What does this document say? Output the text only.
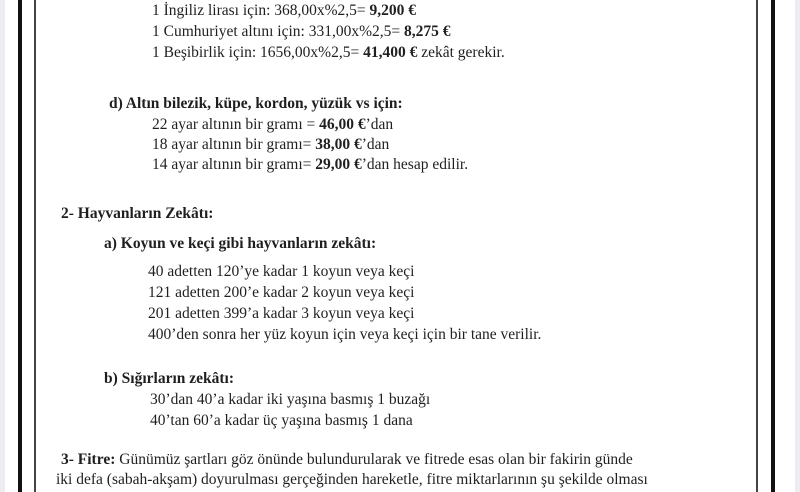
1 İngiliz lirası için: 368,00x%2,5= 9,200 €
1 Cumhuriyet altını için: 331,00x%2,5= 8,275 €
1 Beşibirlik için: 1656,00x%2,5= 41,400 € zekât gerekir.
d) Altın bilezik, küpe, kordon, yüzük vs için:
22 ayar altının bir gramı = 46,00 €’dan
18 ayar altının bir gramı= 38,00 €’dan
14 ayar altının bir gramı= 29,00 €’dan hesap edilir.
2- Hayvanların Zekâtı:
a) Koyun ve keçi gibi hayvanların zekâtı:
40 adetten 120’ye kadar 1 koyun veya keçi
121 adetten 200’e kadar 2 koyun veya keçi
201 adetten 399’a kadar 3 koyun veya keçi
400’den sonra her yüz koyun için veya keçi için bir tane verilir.
b) Sığırların zekâtı:
30’dan 40’a kadar iki yaşına basmış 1 buzağı
40’tan 60’a kadar üç yaşına basmış 1 dana
3- Fitre: Günümüz şartları göz önünde bulundurularak ve fitrede esas olan bir fakirin günde
iki defa (sabah-akşam) doyurulması gerçeğinden hareketle, fitre miktarlarının şu şekilde olması
